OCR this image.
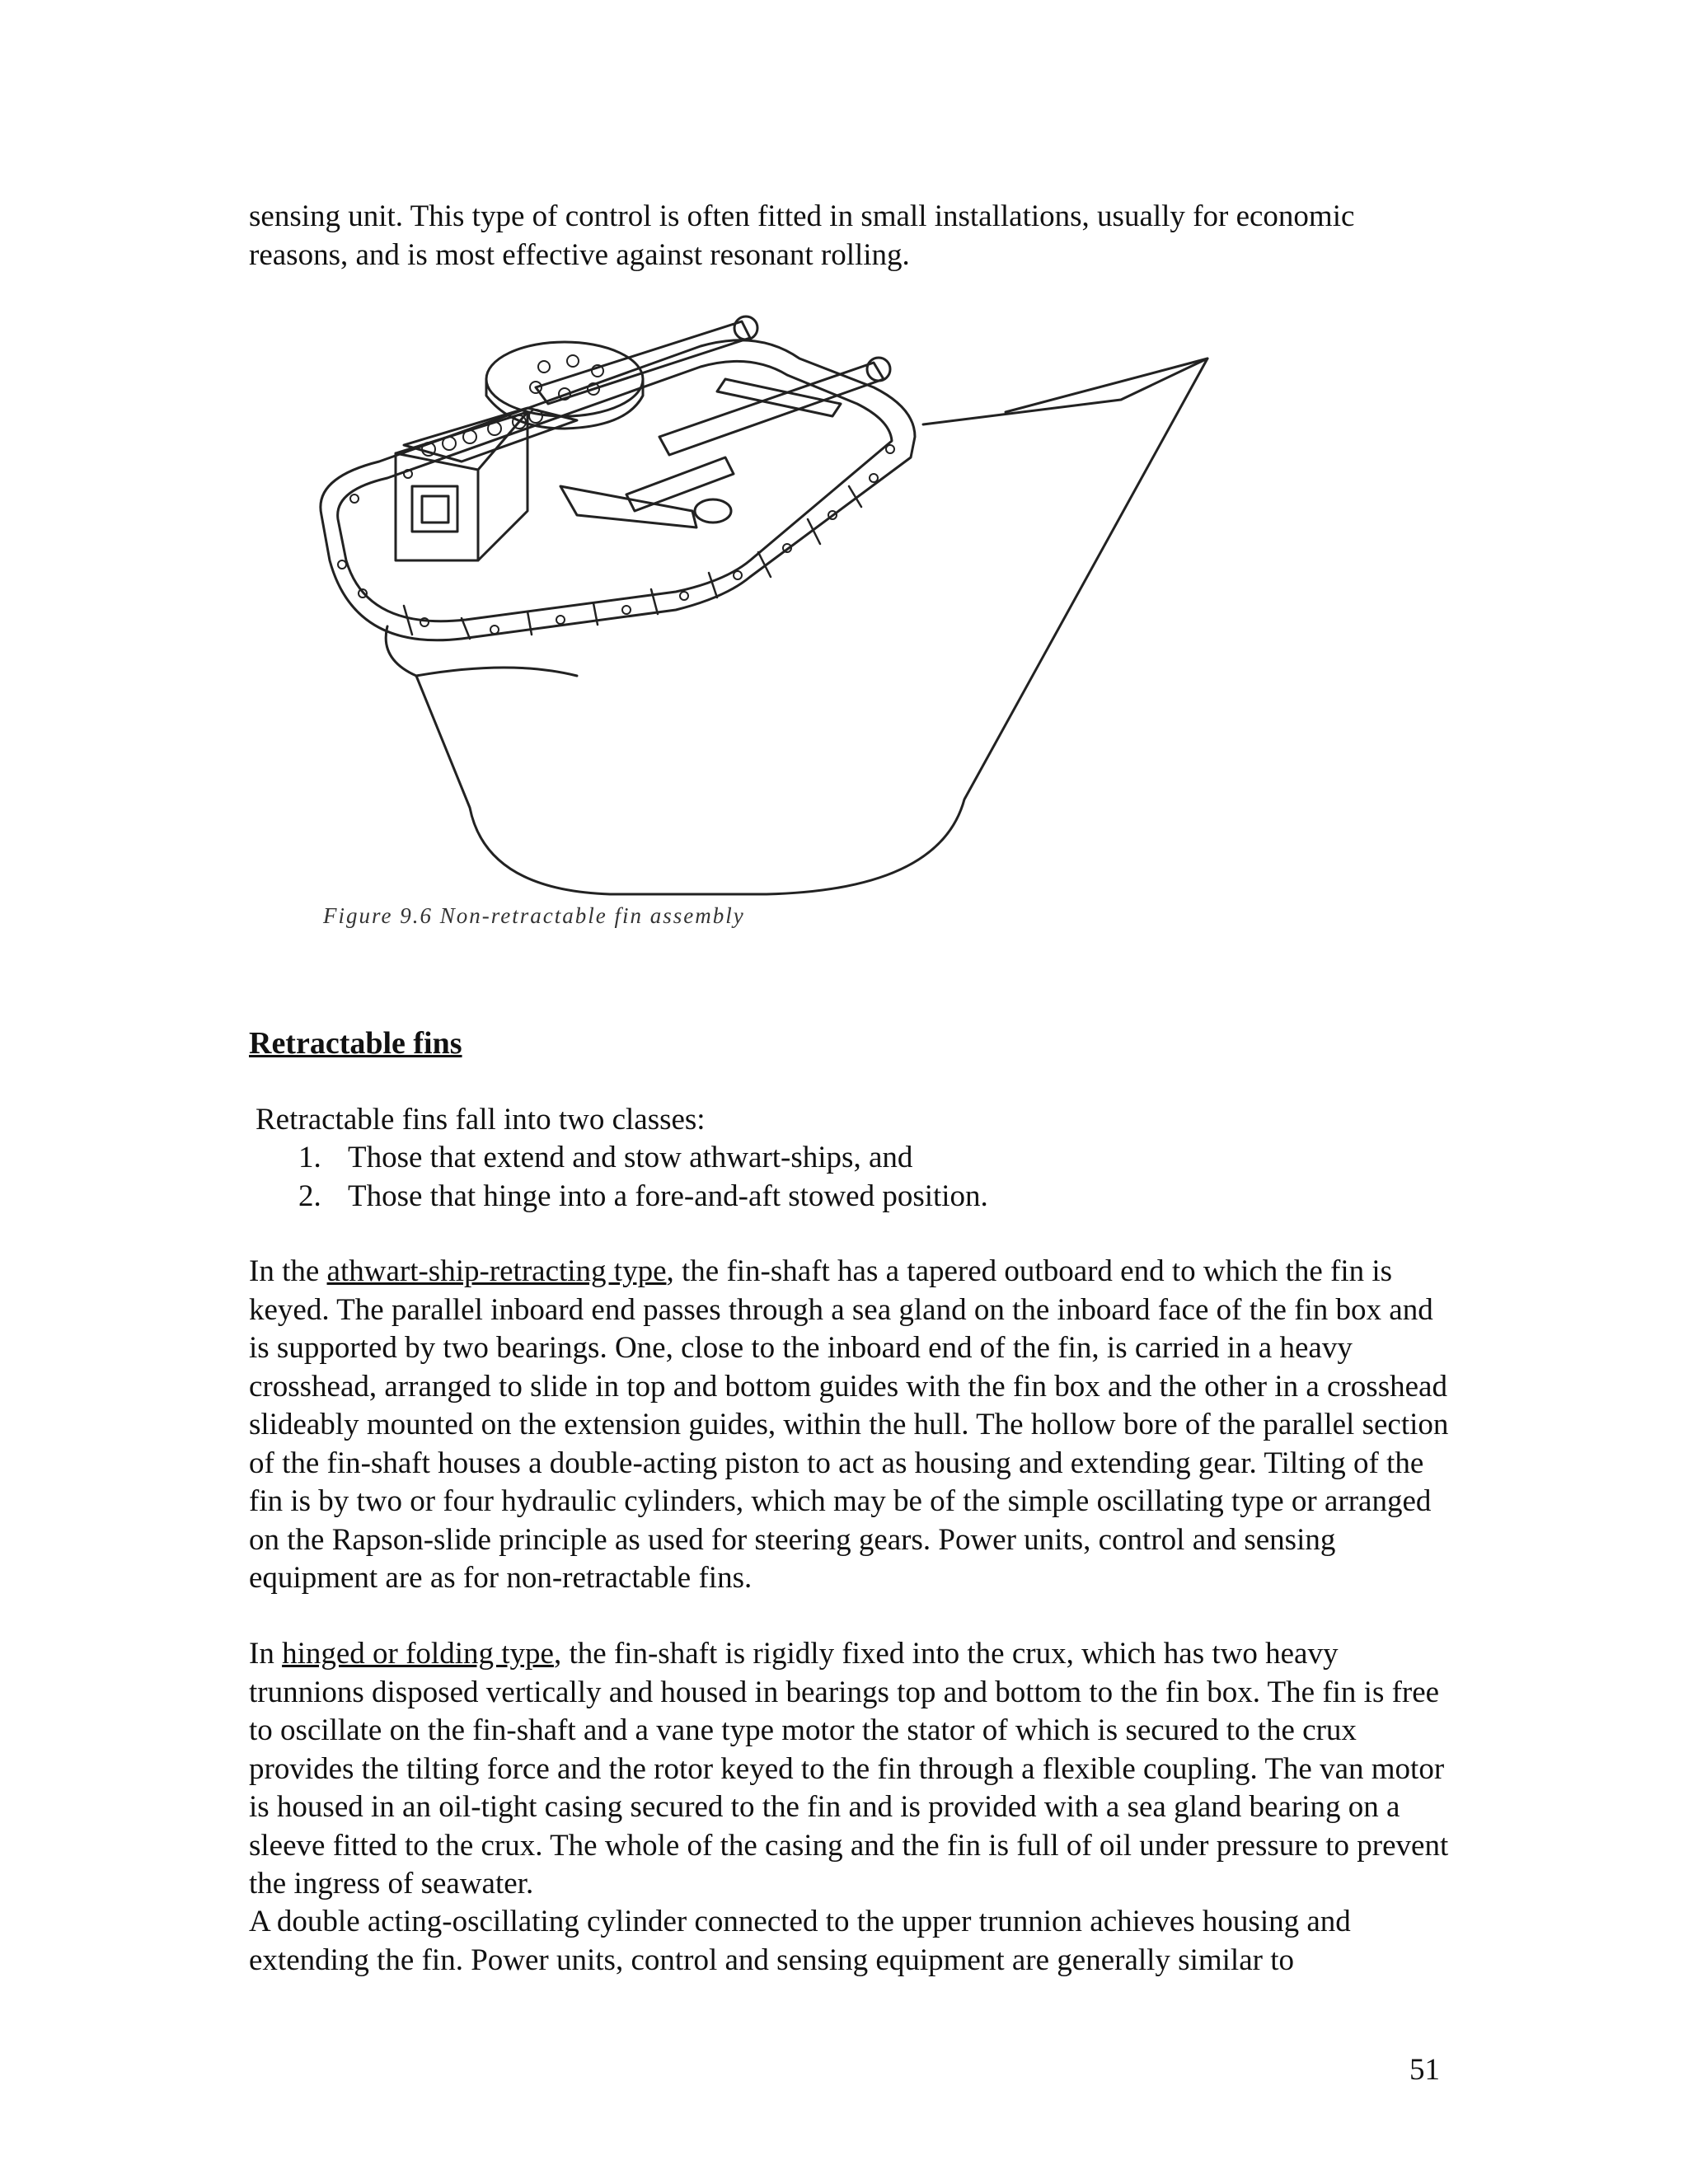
sensing unit. This type of control is often fitted in small installations, usually for economic reasons, and is most effective against resonant rolling.

Figure 9.6 Non-retractable fin assembly
Retractable fins

Retractable fins fall into two classes:

1. Those that extend and stow athwart-ships, and
2. Those that hinge into a fore-and-aft stowed position.

In the athwart-ship-retracting type, the fin-shaft has a tapered outboard end to which the fin is keyed. The parallel inboard end passes through a sea gland on the inboard face of the fin box and is supported by two bearings. One, close to the inboard end of the fin, is carried in a heavy crosshead, arranged to slide in top and bottom guides with the fin box and the other in a crosshead slideably mounted on the extension guides, within the hull. The hollow bore of the parallel section of the fin-shaft houses a double-acting piston to act as housing and extending gear. Tilting of the fin is by two or four hydraulic cylinders, which may be of the simple oscillating type or arranged on the Rapson-slide principle as used for steering gears. Power units, control and sensing equipment are as for non-retractable fins.

In hinged or folding type, the fin-shaft is rigidly fixed into the crux, which has two heavy trunnions disposed vertically and housed in bearings top and bottom to the fin box. The fin is free to oscillate on the fin-shaft and a vane type motor the stator of which is secured to the crux provides the tilting force and the rotor keyed to the fin through a flexible coupling. The van motor is housed in an oil-tight casing secured to the fin and is provided with a sea gland bearing on a sleeve fitted to the crux. The whole of the casing and the fin is full of oil under pressure to prevent the ingress of seawater.

A double acting-oscillating cylinder connected to the upper trunnion achieves housing and extending the fin. Power units, control and sensing equipment are generally similar to

51
